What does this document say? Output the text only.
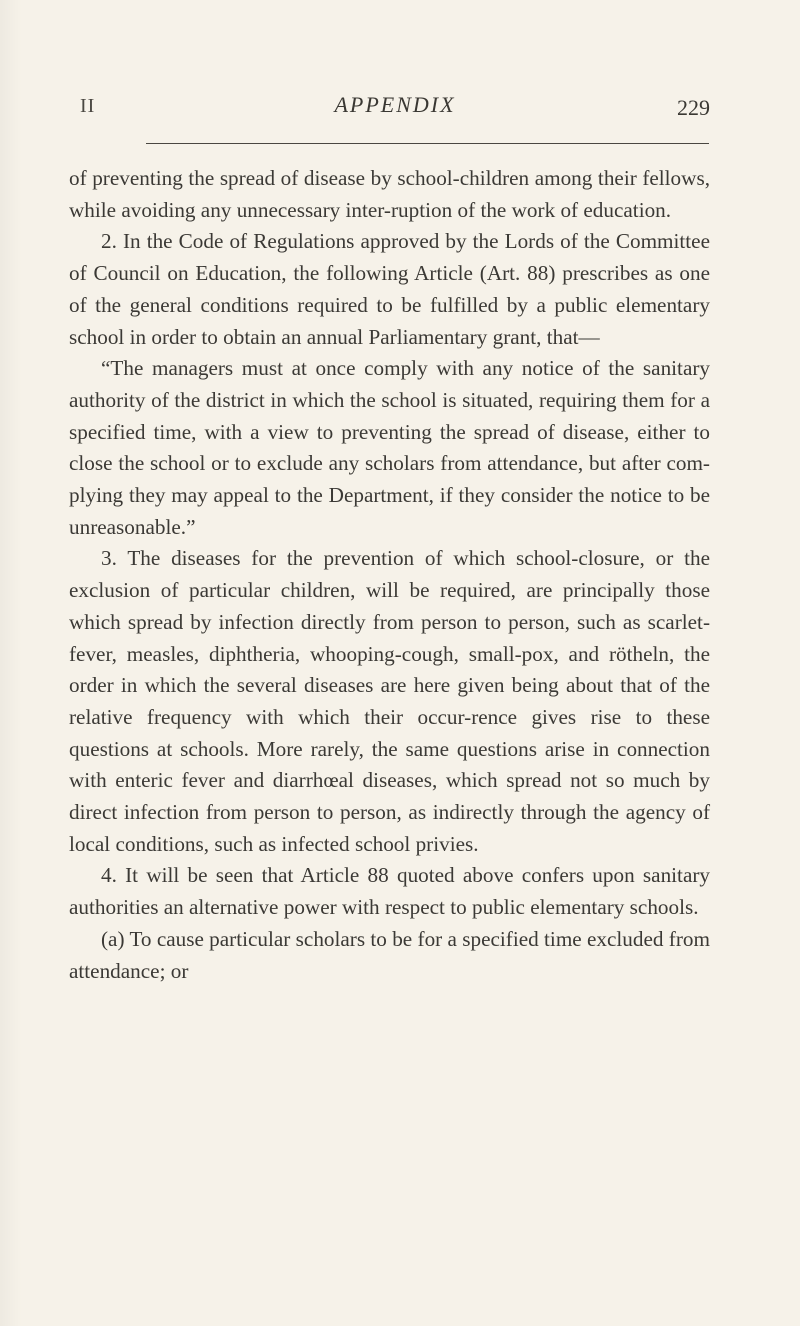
II	APPENDIX	229

of preventing the spread of disease by school-children among their fellows, while avoiding any unnecessary inter-ruption of the work of education.

2. In the Code of Regulations approved by the Lords of the Committee of Council on Education, the following Article (Art. 88) prescribes as one of the general conditions required to be fulfilled by a public elementary school in order to obtain an annual Parliamentary grant, that—

“The managers must at once comply with any notice of the sanitary authority of the district in which the school is situated, requiring them for a specified time, with a view to preventing the spread of disease, either to close the school or to exclude any scholars from attendance, but after com-plying they may appeal to the Department, if they consider the notice to be unreasonable.”

3. The diseases for the prevention of which school-closure, or the exclusion of particular children, will be required, are principally those which spread by infection directly from person to person, such as scarlet-fever, measles, diphtheria, whooping-cough, small-pox, and rötheln, the order in which the several diseases are here given being about that of the relative frequency with which their occur-rence gives rise to these questions at schools. More rarely, the same questions arise in connection with enteric fever and diarrhœal diseases, which spread not so much by direct infection from person to person, as indirectly through the agency of local conditions, such as infected school privies.

4. It will be seen that Article 88 quoted above confers upon sanitary authorities an alternative power with respect to public elementary schools.

(a) To cause particular scholars to be for a specified time excluded from attendance; or
